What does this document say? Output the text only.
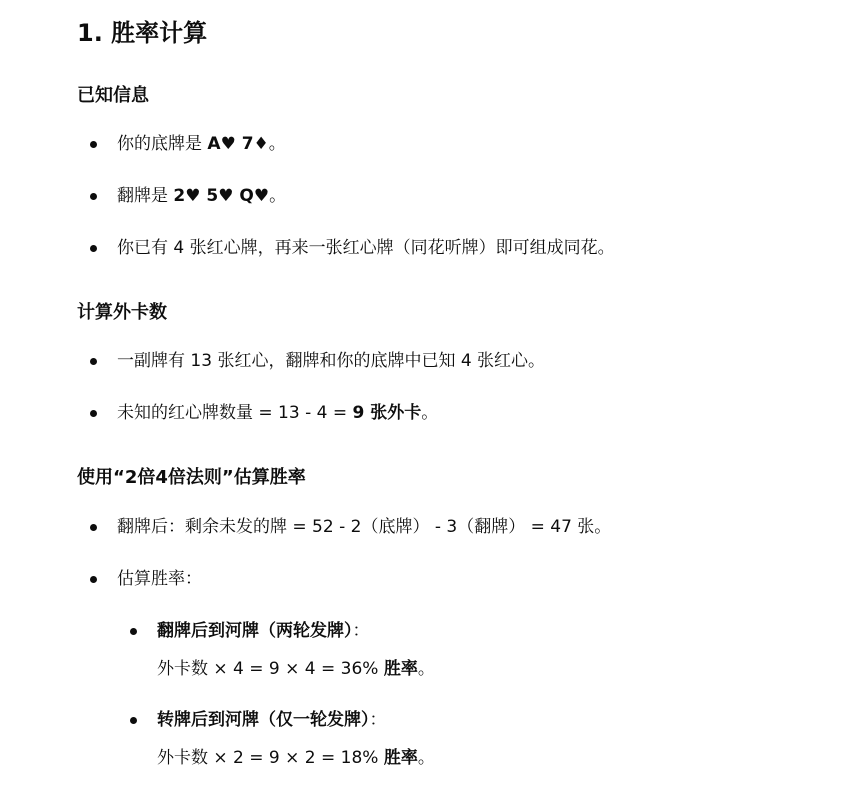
1. 胜率计算
已知信息
你的底牌是 A♥ 7♦。
翻牌是 2♥ 5♥ Q♥。
你已有 4 张红心牌，再来一张红心牌（同花听牌）即可组成同花。
计算外卡数
一副牌有 13 张红心，翻牌和你的底牌中已知 4 张红心。
未知的红心牌数量 = 13 - 4 = 9 张外卡。
使用“2倍4倍法则”估算胜率
翻牌后：剩余未发的牌 = 52 - 2（底牌） - 3（翻牌） = 47 张。
估算胜率：
翻牌后到河牌（两轮发牌）：
外卡数 × 4 = 9 × 4 = 36% 胜率。
转牌后到河牌（仅一轮发牌）：
外卡数 × 2 = 9 × 2 = 18% 胜率。
